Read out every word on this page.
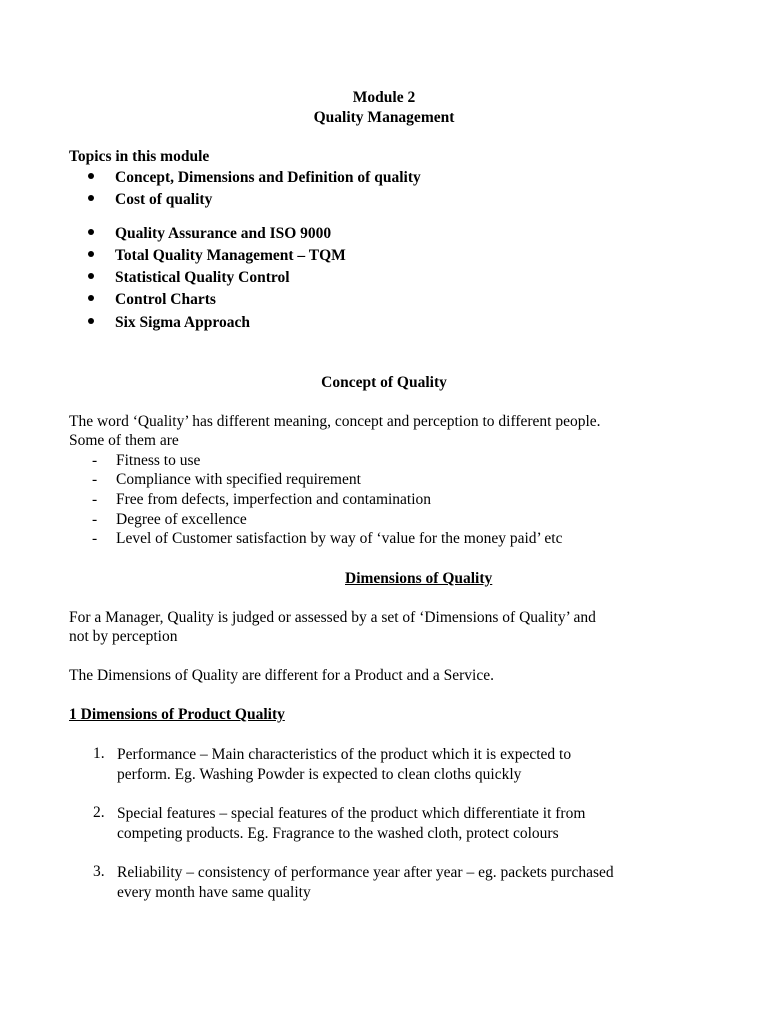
Module 2
Quality Management
Topics in this module
Concept, Dimensions and Definition of quality
Cost of quality
Quality Assurance and ISO 9000
Total Quality Management – TQM
Statistical Quality Control
Control Charts
Six Sigma Approach
Concept of Quality
The word ‘Quality’ has different meaning, concept and perception to different people.
Some of them are
- Fitness to use
- Compliance with specified requirement
- Free from defects, imperfection and contamination
- Degree of excellence
- Level of Customer satisfaction by way of ‘value for the money paid’ etc
Dimensions of Quality
For a Manager, Quality is judged or assessed by a set of ‘Dimensions of Quality’ and
not by perception
The Dimensions of Quality are different for a Product and a Service.
1 Dimensions of Product Quality
1. Performance – Main characteristics of the product which it is expected to
perform. Eg. Washing Powder is expected to clean cloths quickly
2. Special features – special features of the product which differentiate it from
competing products. Eg. Fragrance to the washed cloth, protect colours
3. Reliability – consistency of performance year after year – eg. packets purchased
every month have same quality
